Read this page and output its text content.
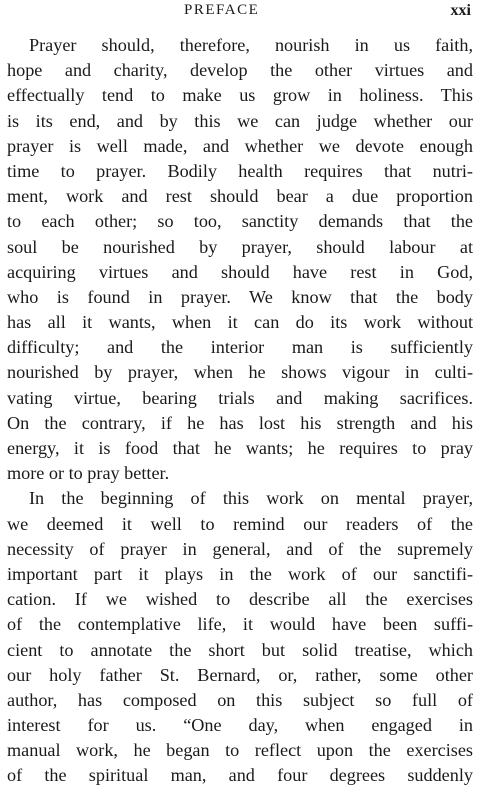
PREFACE	xxi
Prayer should, therefore, nourish in us faith,
hope and charity, develop the other virtues and
effectually tend to make us grow in holiness. This
is its end, and by this we can judge whether our
prayer is well made, and whether we devote enough
time to prayer. Bodily health requires that nutri-
ment, work and rest should bear a due proportion
to each other; so too, sanctity demands that the
soul be nourished by prayer, should labour at
acquiring virtues and should have rest in God,
who is found in prayer. We know that the body
has all it wants, when it can do its work without
difficulty; and the interior man is sufficiently
nourished by prayer, when he shows vigour in culti-
vating virtue, bearing trials and making sacrifices.
On the contrary, if he has lost his strength and his
energy, it is food that he wants; he requires to pray
more or to pray better.
In the beginning of this work on mental prayer,
we deemed it well to remind our readers of the
necessity of prayer in general, and of the supremely
important part it plays in the work of our sanctifi-
cation. If we wished to describe all the exercises
of the contemplative life, it would have been suffi-
cient to annotate the short but solid treatise, which
our holy father St. Bernard, or, rather, some other
author, has composed on this subject so full of
interest for us. “One day, when engaged in
manual work, he began to reflect upon the exercises
of the spiritual man, and four degrees suddenly
